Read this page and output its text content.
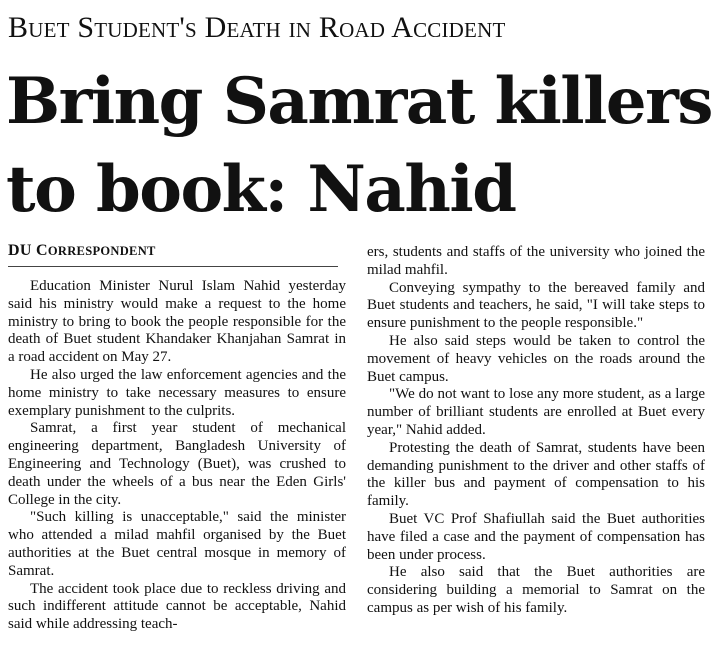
Buet Student's Death in Road Accident
Bring Samrat killers
to book: Nahid
DU CORRESPONDENT

Education Minister Nurul Islam Nahid yesterday said his ministry would make a request to the home ministry to bring to book the people responsible for the death of Buet student Khandaker Khanjahan Samrat in a road accident on May 27.

He also urged the law enforcement agencies and the home ministry to take necessary measures to ensure exemplary punishment to the culprits.

Samrat, a first year student of mechanical engineering department, Bangladesh University of Engineering and Technology (Buet), was crushed to death under the wheels of a bus near the Eden Girls' College in the city.

"Such killing is unacceptable," said the minister who attended a milad mahfil organised by the Buet authorities at the Buet central mosque in memory of Samrat.

The accident took place due to reckless driving and such indifferent attitude cannot be acceptable, Nahid said while addressing teach-

ers, students and staffs of the university who joined the milad mahfil.

Conveying sympathy to the bereaved family and Buet students and teachers, he said, "I will take steps to ensure punishment to the people responsible."

He also said steps would be taken to control the movement of heavy vehicles on the roads around the Buet campus.

"We do not want to lose any more student, as a large number of brilliant students are enrolled at Buet every year," Nahid added.

Protesting the death of Samrat, students have been demanding punishment to the driver and other staffs of the killer bus and payment of compensation to his family.

Buet VC Prof Shafiullah said the Buet authorities have filed a case and the payment of compensation has been under process.

He also said that the Buet authorities are considering building a memorial to Samrat on the campus as per wish of his family.
